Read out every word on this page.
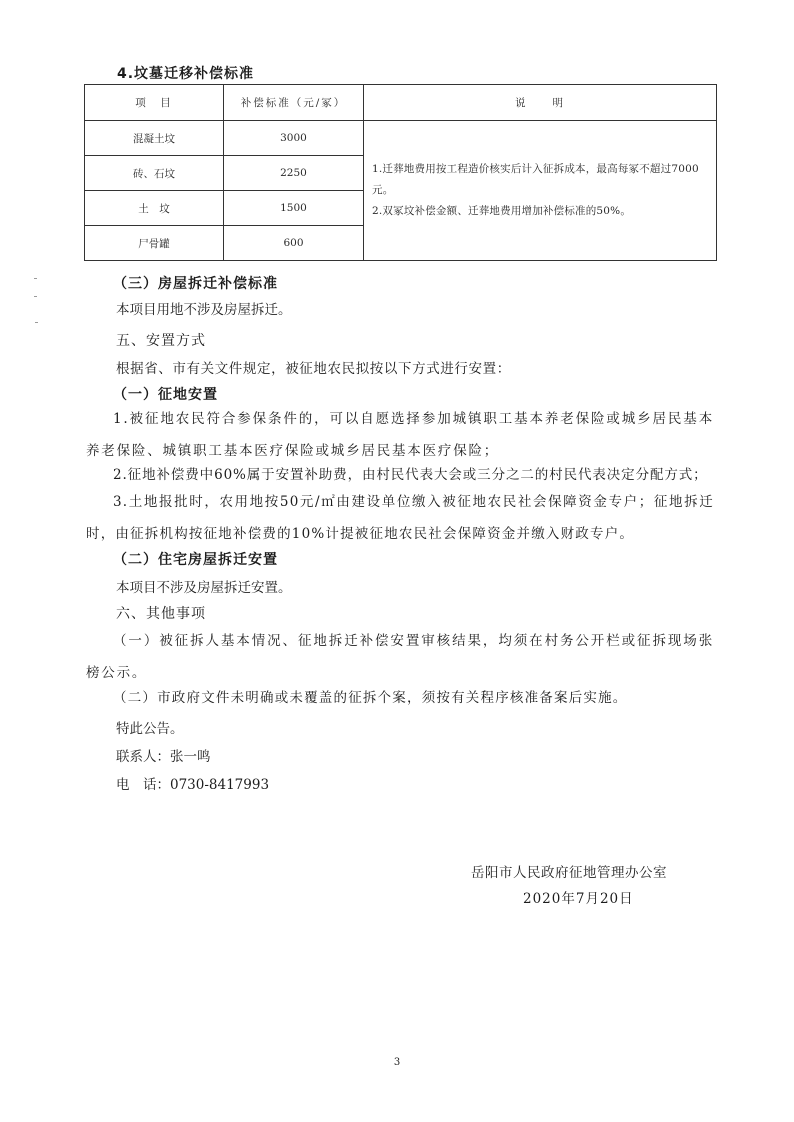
4.坟墓迁移补偿标准
项　目	补偿标准（元/冢）	说　　明
混凝土坟	3000	1.迁葬地费用按工程造价核实后计入征拆成本，最高每冢不超过7000元。

2.双冢坟补偿金额、迁葬地费用增加补偿标准的50%。

砖、石坟	2250	
土　坟	1500	
尸骨罐	600	
（三）房屋拆迁补偿标准
本项目用地不涉及房屋拆迁。
五、安置方式
根据省、市有关文件规定，被征地农民拟按以下方式进行安置：
（一）征地安置
1.被征地农民符合参保条件的，可以自愿选择参加城镇职工基本养老保险或城乡居民基本养老保险、城镇职工基本医疗保险或城乡居民基本医疗保险；
2.征地补偿费中60%属于安置补助费，由村民代表大会或三分之二的村民代表决定分配方式；
3.土地报批时，农用地按50元/㎡由建设单位缴入被征地农民社会保障资金专户；征地拆迁时，由征拆机构按征地补偿费的10%计提被征地农民社会保障资金并缴入财政专户。
（二）住宅房屋拆迁安置
本项目不涉及房屋拆迁安置。
六、其他事项
（一）被征拆人基本情况、征地拆迁补偿安置审核结果，均须在村务公开栏或征拆现场张榜公示。
（二）市政府文件未明确或未覆盖的征拆个案，须按有关程序核准备案后实施。
特此公告。
联系人：张一鸣
电　话：0730-8417993
岳阳市人民政府征地管理办公室
2020年7月20日
3
